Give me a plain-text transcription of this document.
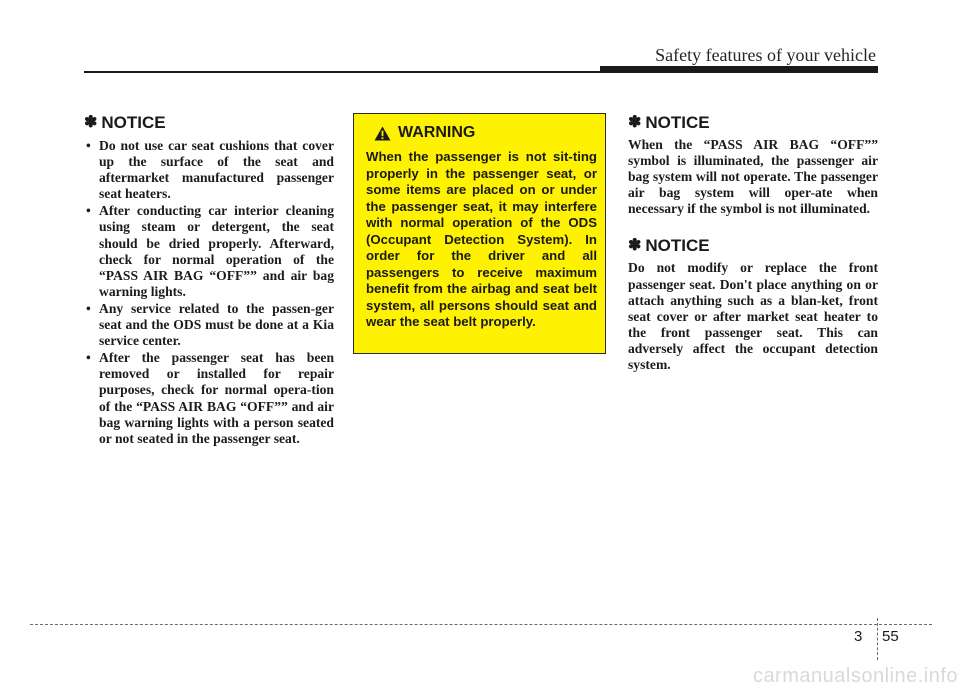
Safety features of your vehicle
✽ NOTICE
• Do not use car seat cushions that cover up the surface of the seat and aftermarket manufactured passenger seat heaters.
• After conducting car interior cleaning using steam or detergent, the seat should be dried properly. Afterward, check for normal operation of the “PASS AIR BAG “OFF”” and air bag warning lights.
• Any service related to the passen-ger seat and the ODS must be done at a Kia service center.
• After the passenger seat has been removed or installed for repair purposes, check for normal opera-tion of the “PASS AIR BAG “OFF”” and air bag warning lights with a person seated or not seated in the passenger seat.
WARNING

When the passenger is not sit-ting properly in the passenger seat, or some items are placed on or under the passenger seat, it may interfere with normal operation of the ODS (Occupant Detection System). In order for the driver and all passengers to receive maximum benefit from the airbag and seat belt system, all persons should seat and wear the seat belt properly.

✽ NOTICE

When the “PASS AIR BAG “OFF”” symbol is illuminated, the passenger air bag system will not operate. The passenger air bag system will oper-ate when necessary if the symbol is not illuminated.

✽ NOTICE

Do not modify or replace the front passenger seat. Don't place anything on or attach anything such as a blan-ket, front seat cover or after market seat heater to the front passenger seat. This can adversely affect the occupant detection system.

3 55
carmanualsonline.info
